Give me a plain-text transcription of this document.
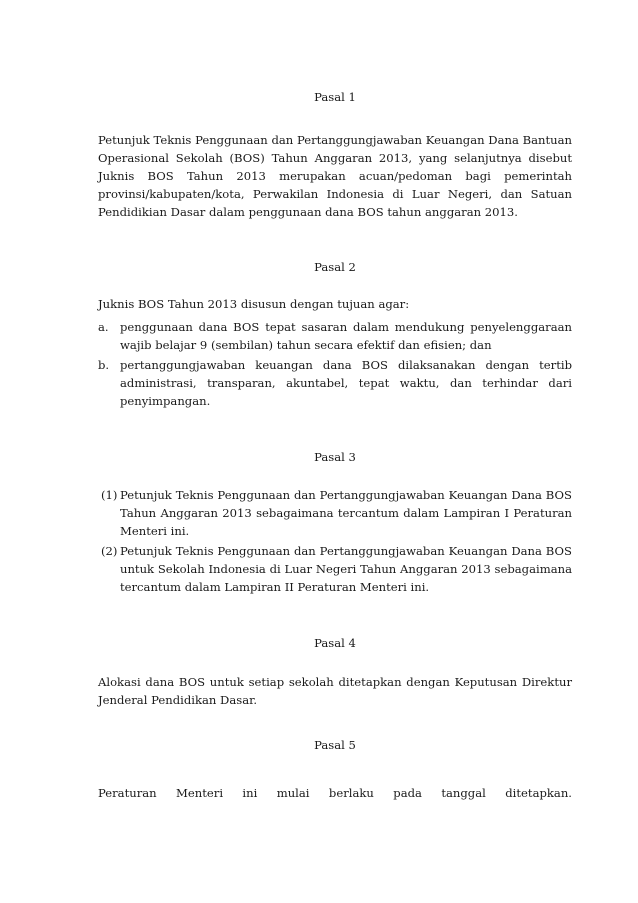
Pasal 1

Petunjuk Teknis Penggunaan dan Pertanggungjawaban Keuangan Dana Bantuan Operasional Sekolah (BOS) Tahun Anggaran 2013, yang selanjutnya disebut Juknis BOS Tahun 2013 merupakan acuan/pedoman bagi pemerintah provinsi/kabupaten/kota, Perwakilan Indonesia di Luar Negeri, dan Satuan Pendidikian Dasar dalam penggunaan dana BOS tahun anggaran 2013.

Pasal 2

Juknis BOS Tahun 2013 disusun dengan tujuan agar:

a. penggunaan dana BOS tepat sasaran dalam mendukung penyelenggaraan wajib belajar 9 (sembilan) tahun secara efektif dan efisien; dan
b. pertanggungjawaban keuangan dana BOS dilaksanakan dengan tertib administrasi, transparan, akuntabel, tepat waktu, dan terhindar dari penyimpangan.

Pasal 3

(1) Petunjuk Teknis Penggunaan dan Pertanggungjawaban Keuangan Dana BOS Tahun Anggaran 2013 sebagaimana tercantum dalam Lampiran I Peraturan Menteri ini.
(2) Petunjuk Teknis Penggunaan dan Pertanggungjawaban Keuangan Dana BOS untuk Sekolah Indonesia di Luar Negeri Tahun Anggaran 2013 sebagaimana tercantum dalam Lampiran II Peraturan Menteri ini.

Pasal 4

Alokasi dana BOS untuk setiap sekolah ditetapkan dengan Keputusan Direktur Jenderal Pendidikan Dasar.

Pasal 5

Peraturan Menteri ini mulai berlaku pada tanggal ditetapkan.
